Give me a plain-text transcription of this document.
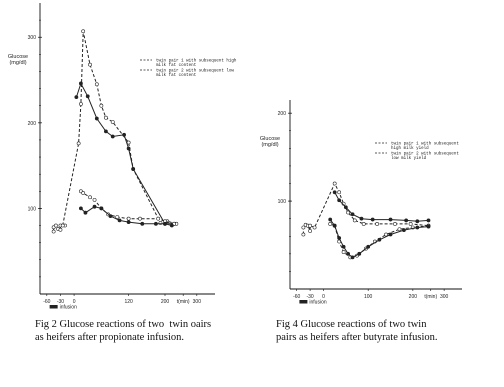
300
200
100
-60 -30 0	120	200 t(min) 300
infusion
Glucose
(mg/dl)	twin pair 1 with subsequent high
milk fat content
twin pair 2 with subsequent low
milk fat content
200
100
-60 -30 0	100	200 t(min) 300
infusion
Glucose
(mg/dl)	twin pair 1 with subsequent
high milk yield
twin pair 2 with subsequent
low milk yield
Fig 2 Glucose reactions of two  twin oairs
as heifers after propionate infusion.
Fig 4 Glucose reactions of two twin
pairs as heifers after butyrate infusion.
